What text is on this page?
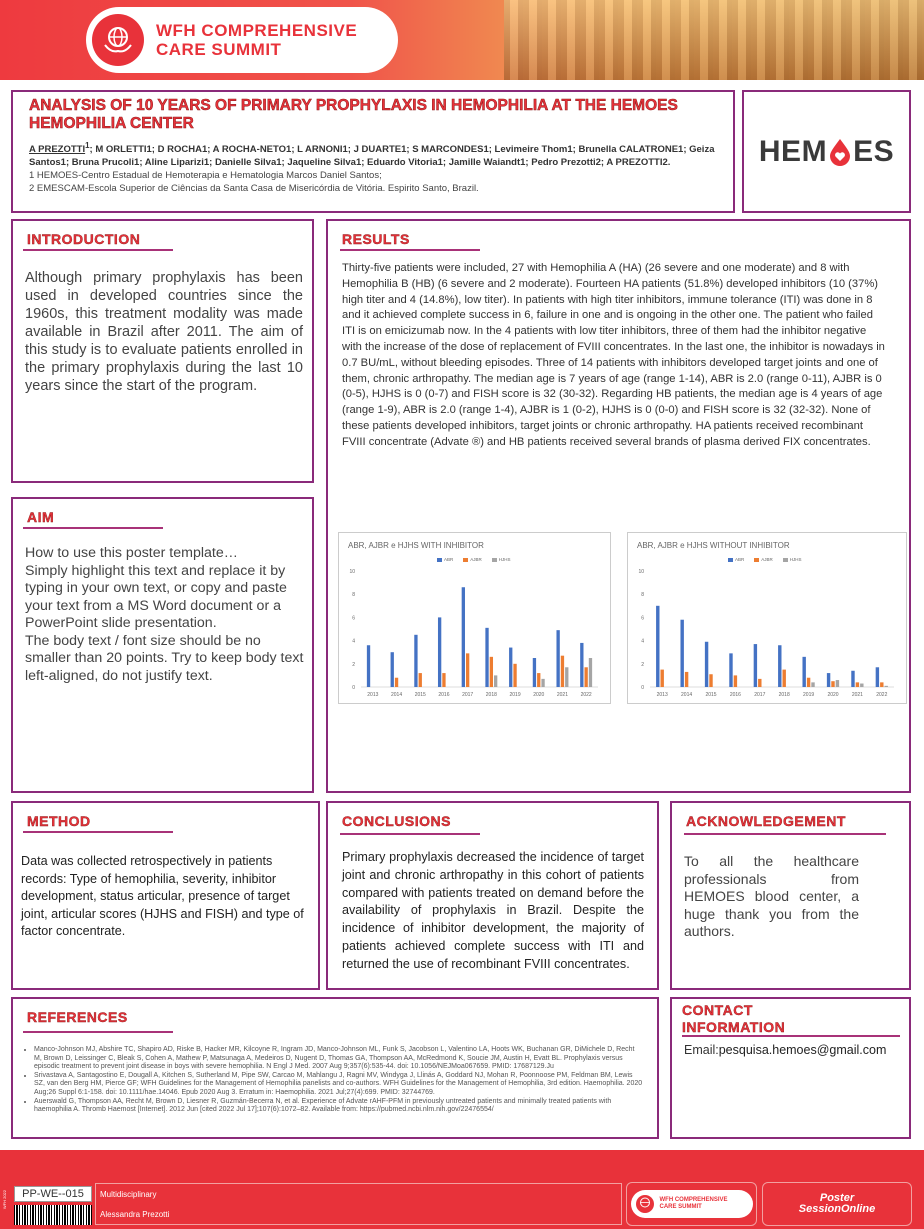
WFH COMPREHENSIVE
CARE SUMMIT
ANALYSIS OF 10 YEARS OF PRIMARY PROPHYLAXIS IN HEMOPHILIA AT THE HEMOES HEMOPHILIA CENTER
A PREZOTTI$^1$; M ORLETTI1; D ROCHA1; A ROCHA-NETO1; L ARNONI1; J DUARTE1; S MARCONDES1; Levimeire Thom1; Brunella CALATRONE1; Geiza Santos1; Bruna Prucoli1; Aline Liparizi1; Danielle Silva1; Jaqueline Silva1; Eduardo Vitoria1; Jamille Waiandt1; Pedro Prezotti2; A PREZOTTI2.
1 HEMOES-Centro Estadual de Hemoterapia e Hematologia Marcos Daniel Santos;
2 EMESCAM-Escola Superior de Ciências da Santa Casa de Misericórdia de Vitória. Espirito Santo, Brazil.
HEM ES
INTRODUCTION
Although primary prophylaxis has been used in developed countries since the 1960s, this treatment modality was made available in Brazil after 2011. The aim of this study is to evaluate patients enrolled in the primary prophylaxis during the last 10 years since the start of the program.
AIM
How to use this poster template…
Simply highlight this text and replace it by typing in your own text, or copy and paste your text from a MS Word document or a PowerPoint slide presentation.
The body text / font size should be no smaller than 20 points. Try to keep body text left-aligned, do not justify text.
RESULTS
Thirty-five patients were included, 27 with Hemophilia A (HA) (26 severe and one moderate) and 8 with Hemophilia B (HB) (6 severe and 2 moderate). Fourteen HA patients (51.8%) developed inhibitors (10 (37%) high titer and 4 (14.8%), low titer). In patients with high titer inhibitors, immune tolerance (ITI) was done in 8 and it achieved complete success in 6, failure in one and is ongoing in the other one. The patient who failed ITI is on emicizumab now. In the 4 patients with low titer inhibitors, three of them had the inhibitor negative with the increase of the dose of replacement of FVIII concentrates. In the last one, the inhibitor is nowadays in 0.7 BU/mL, without bleeding episodes. Three of 14 patients with inhibitors developed target joints and one of them, chronic arthropathy. The median age is 7 years of age (range 1-14), ABR is 2.0 (range 0-11), AJBR is 0 (0-5), HJHS is 0 (0-7) and FISH score is 32 (30-32). Regarding HB patients, the median age is 4 years of age (range 1-9), ABR is 2.0 (range 1-4), AJBR is 1 (0-2), HJHS is 0 (0-0) and FISH score is 32 (32-32). None of these patients developed inhibitors, target joints or chronic arthropathy. HA patients received recombinant FVIII concentrate (Advate ®) and HB patients received several brands of plasma derived FIX concentrates.
ABR, AJBR e HJHS WITH INHIBITOR
ABR	AJBR	HJHS
0
2
4
6
8
10
2013	2014	2015	2016	2017	2018	2019	2020	2021	2022
ABR, AJBR e HJHS WITHOUT INHIBITOR
ABR	AJBR	HJHS
0
2
4
6
8
10
2013	2014	2015	2016	2017	2018	2019	2020	2021	2022
METHOD
Data was collected retrospectively in patients records: Type of hemophilia, severity, inhibitor development, status articular, presence of target joint, articular scores (HJHS and FISH) and type of factor concentrate.
CONCLUSIONS
Primary prophylaxis decreased the incidence of target joint and chronic arthropathy in this cohort of patients compared with patients treated on demand before the availability of prophylaxis in Brazil. Despite the incidence of inhibitor development, the majority of patients achieved complete success with ITI and returned the use of recombinant FVIII concentrates.
ACKNOWLEDGEMENT
To all the healthcare professionals from HEMOES blood center, a huge thank you from the authors.
REFERENCES
• Manco-Johnson MJ, Abshire TC, Shapiro AD, Riske B, Hacker MR, Kilcoyne R, Ingram JD, Manco-Johnson ML, Funk S, Jacobson L, Valentino LA, Hoots WK, Buchanan GR, DiMichele D, Recht M, Brown D, Leissinger C, Bleak S, Cohen A, Mathew P, Matsunaga A, Medeiros D, Nugent D, Thomas GA, Thompson AA, McRedmond K, Soucie JM, Austin H, Evatt BL. Prophylaxis versus episodic treatment to prevent joint disease in boys with severe hemophilia. N Engl J Med. 2007 Aug 9;357(6):535-44. doi: 10.1056/NEJMoa067659. PMID: 17687129.Ju
• Srivastava A, Santagostino E, Dougall A, Kitchen S, Sutherland M, Pipe SW, Carcao M, Mahlangu J, Ragni MV, Windyga J, Llinás A, Goddard NJ, Mohan R, Poonnoose PM, Feldman BM, Lewis SZ, van den Berg HM, Pierce GF; WFH Guidelines for the Management of Hemophilia panelists and co-authors. WFH Guidelines for the Management of Hemophilia, 3rd edition. Haemophilia. 2020 Aug;26 Suppl 6:1-158. doi: 10.1111/hae.14046. Epub 2020 Aug 3. Erratum in: Haemophilia. 2021 Jul;27(4):699. PMID: 32744769.
• Auerswald G, Thompson AA, Recht M, Brown D, Liesner R, Guzmán-Becerra N, et al. Experience of Advate rAHF-PFM in previously untreated patients and minimally treated patients with haemophilia A. Thromb Haemost [Internet]. 2012 Jun [cited 2022 Jul 17];107(6):1072–82. Available from: https://pubmed.ncbi.nlm.nih.gov/22476554/
CONTACT
INFORMATION
Email:pesquisa.hemoes@gmail.com
PP-WE--015
WFH 2022	Multidisciplinary
Alessandra Prezotti
WFH COMPREHENSIVE
CARE SUMMIT
Poster
SessionOnline
